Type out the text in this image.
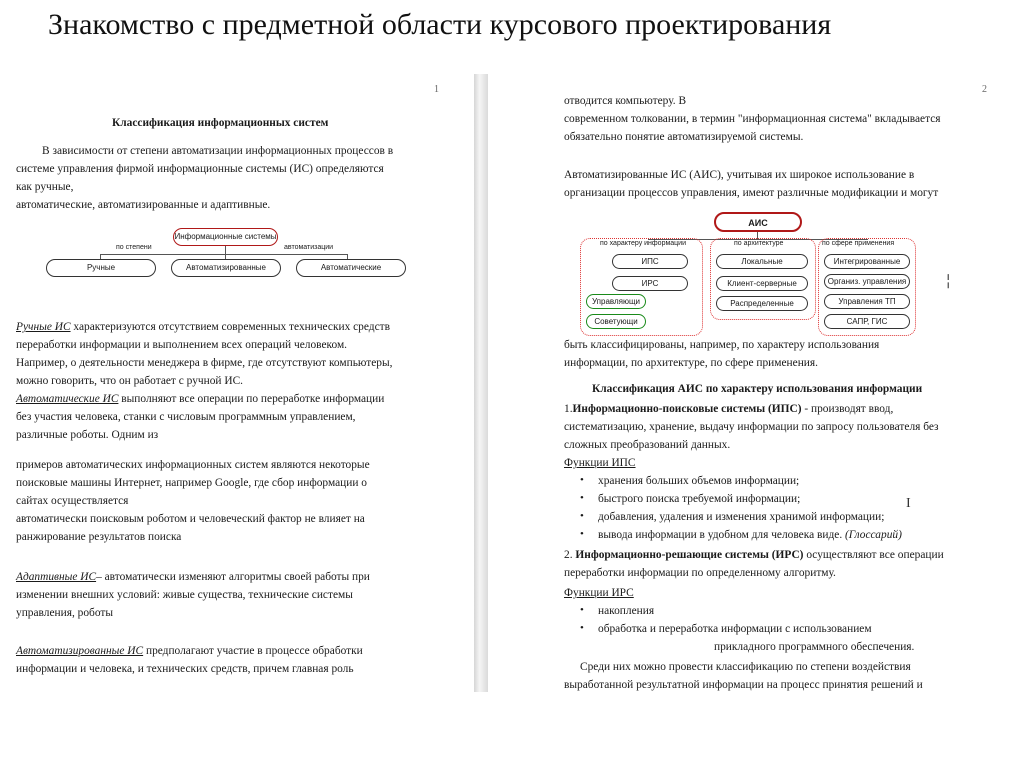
Знакомство с предметной области курсового проектирования
1
Классификация информационных систем
В зависимости от степени автоматизации информационных процессов в
системе управления фирмой информационные системы (ИС) определяются
как ручные,
автоматические, автоматизированные и адаптивные.
Информационные системы
по степени	автоматизации
Ручные	Автоматизированные	Автоматические
Ручные ИС характеризуются отсутствием современных технических средств
переработки информации и выполнением всех операций человеком.
Например, о деятельности менеджера в фирме, где отсутствуют компьютеры,
можно говорить, что он работает с ручной ИС.
Автоматические ИС выполняют все операции по переработке информации
без участия человека, станки с числовым программным управлением,
различные роботы. Одним из
примеров автоматических информационных систем являются некоторые
поисковые машины Интернет, например Google, где сбор информации о
сайтах осуществляется
автоматически поисковым роботом и человеческий фактор не влияет на
ранжирование результатов поиска
Адаптивные ИС– автоматически изменяют алгоритмы своей работы при
изменении внешних условий: живые существа, технические системы
управления, роботы
Автоматизированные ИС предполагают участие в процессе обработки
информации и человека, и технических средств, причем главная роль
2
отводится компьютеру. В
современном толковании, в термин "информационная система" вкладывается
обязательно понятие автоматизируемой системы.
Автоматизированные ИС (АИС), учитывая их широкое использование в
организации процессов управления, имеют различные модификации и могут
АИС
по характеру информации	по архитектуре	по сфере применения
ИПС
ИРС
Управляющи
Советующи
Локальные
Клиент-серверные
Распределенные
Интегрированные
Организ. управления
Управления ТП
САПР, ГИС
╎
быть классифицированы, например, по характеру использования
информации, по архитектуре, по сфере применения.
Классификация АИС по характеру использования информации
1.Информационно-поисковые системы (ИПС) - производят ввод,
систематизацию, хранение, выдачу информации по запросу пользователя без
сложных преобразований данных.
Функции ИПС
• хранения больших объемов информации;
• быстрого поиска требуемой информации;
• добавления, удаления и изменения хранимой информации;
• вывода информации в удобном для человека виде. (Глоссарий)
I
2. Информационно-решающие системы (ИРС) осуществляют все операции
переработки информации по определенному алгоритму.
Функции ИРС
• накопления
• обработка и переработка информации с использованием
прикладного программного обеспечения.
Среди них можно провести классификацию по степени воздействия
выработанной результатной информации на процесс принятия решений и
